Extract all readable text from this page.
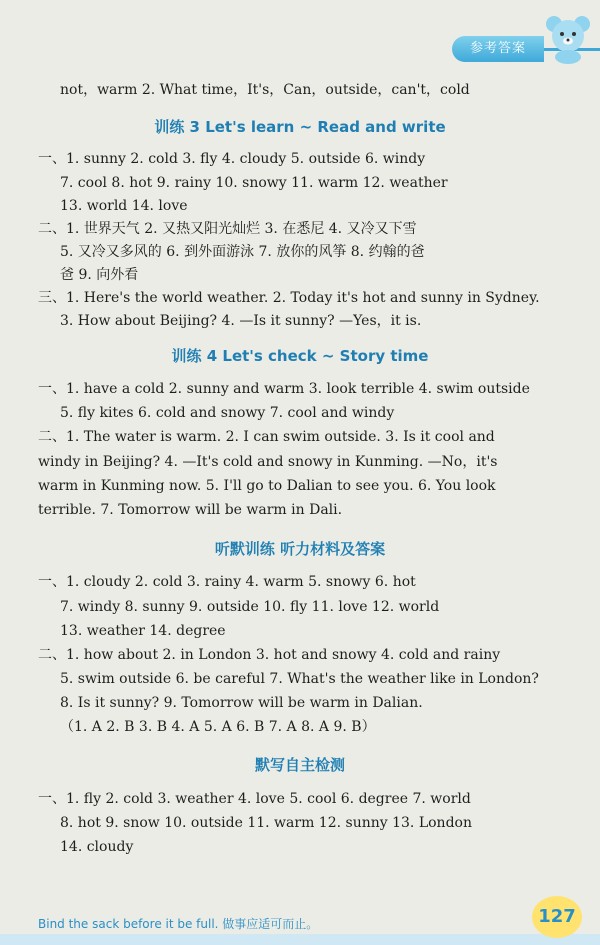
参考答案
not，warm 2. What time，It's，Can，outside，can't，cold
训练 3 Let's learn ~ Read and write
一、1. sunny 2. cold 3. fly 4. cloudy 5. outside 6. windy
7. cool 8. hot 9. rainy 10. snowy 11. warm 12. weather
13. world 14. love
二、1. 世界天气 2. 又热又阳光灿烂 3. 在悉尼 4. 又冷又下雪
5. 又冷又多风的 6. 到外面游泳 7. 放你的风筝 8. 约翰的爸
爸 9. 向外看
三、1. Here's the world weather. 2. Today it's hot and sunny in Sydney.
3. How about Beijing? 4. —Is it sunny? —Yes，it is.
训练 4 Let's check ~ Story time
一、1. have a cold 2. sunny and warm 3. look terrible 4. swim outside
5. fly kites 6. cold and snowy 7. cool and windy
二、1. The water is warm. 2. I can swim outside. 3. Is it cool and
windy in Beijing? 4. —It's cold and snowy in Kunming. —No，it's
warm in Kunming now. 5. I'll go to Dalian to see you. 6. You look
terrible. 7. Tomorrow will be warm in Dali.
听默训练 听力材料及答案
一、1. cloudy 2. cold 3. rainy 4. warm 5. snowy 6. hot
7. windy 8. sunny 9. outside 10. fly 11. love 12. world
13. weather 14. degree
二、1. how about 2. in London 3. hot and snowy 4. cold and rainy
5. swim outside 6. be careful 7. What's the weather like in London?
8. Is it sunny? 9. Tomorrow will be warm in Dalian.
（1. A 2. B 3. B 4. A 5. A 6. B 7. A 8. A 9. B）
默写自主检测
一、1. fly 2. cold 3. weather 4. love 5. cool 6. degree 7. world
8. hot 9. snow 10. outside 11. warm 12. sunny 13. London
14. cloudy
Bind the sack before it be full. 做事应适可而止。	127
